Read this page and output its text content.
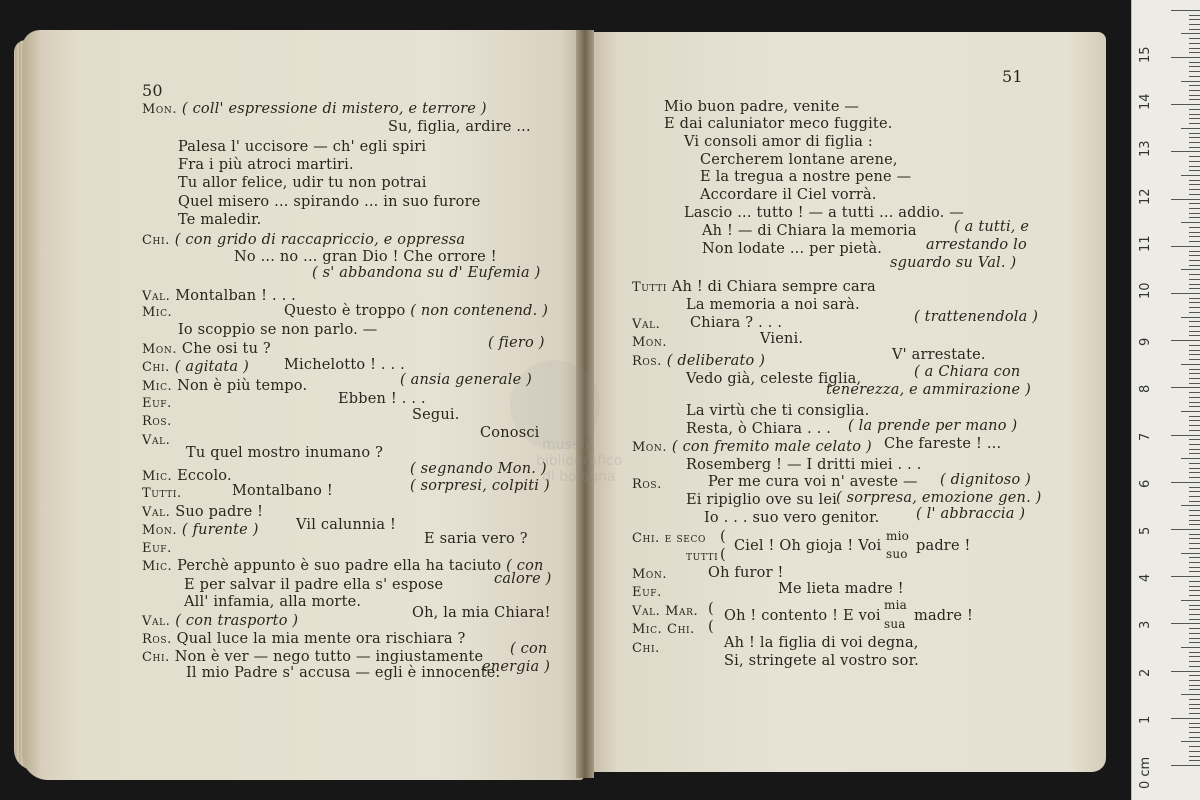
museo
bibliografico
di bologna
50
Mon. ( coll' espressione di mistero, e terrore )
Su, figlia, ardire ...
Palesa l' uccisore — ch' egli spiri
Fra i più atroci martiri.
Tu allor felice, udir tu non potrai
Quel misero ... spirando ... in suo furore
Te maledir.
Chi. ( con grido di raccapriccio, e oppressa
No ... no ... gran Dio ! Che orrore !
( s' abbandona su d' Eufemia )
Val. Montalban ! . . .
Mic.	Questo è troppo ( non contenend. )
Io scoppio se non parlo. —
Mon. Che osi tu ?	( fiero )
Chi. ( agitata ) Michelotto ! . . .
Mic. Non è più tempo.	( ansia generale )
Euf.	Ebben ! . . .
Ros.	Segui.
Val.	Conosci
Tu quel mostro inumano ?
Mic. Eccolo.	( segnando Mon. )
Tutti.	Montalbano !	( sorpresi, colpiti )
Val. Suo padre !
Mon. ( furente )	Vil calunnia !
Euf.
E saria vero ?
Mic. Perchè appunto è suo padre ella ha taciuto ( con
E per salvar il padre ella s' espose	calore )
All' infamia, alla morte.
Val. ( con trasporto )	Oh, la mia Chiara!
Ros. Qual luce la mia mente ora rischiara ?
Chi. Non è ver — nego tutto — ingiustamente ( con
Il mio Padre s' accusa — egli è innocente.
energia )
51
Mio buon padre, venite —
E dai caluniator meco fuggite.
Vi consoli amor di figlia :
Cercherem lontane arene,
E la tregua a nostre pene —
Accordare il Ciel vorrà.
Lascio ... tutto ! — a tutti ... addio. —
Ah ! — di Chiara la memoria	( a tutti, e
Non lodate ... per pietà.	arrestando lo
sguardo su Val. )
Tutti Ah ! di Chiara sempre cara
La memoria a noi sarà.
Val. Chiara ? . . .	( trattenendola )
Mon.	Vieni.
Ros. ( deliberato )	V' arrestate.
Vedo già, celeste figlia,	( a Chiara con
tenerezza, e ammirazione )
La virtù che ti consiglia.
Resta, ò Chiara . . . ( la prende per mano )
Mon. ( con fremito male celato ) Che fareste ! ...
Rosemberg ! — I dritti miei . . .
Ros.	Per me cura voi n' aveste — ( dignitoso )
Ei ripiglio ove su lei ( sorpresa, emozione gen. )
Io . . . suo vero genitor.	( l' abbraccia )
Chi. e seco (
Ciel ! Oh gioja ! Voi
mio
padre !
tutti (	suo
Mon.	Oh furor !
Euf.	Me lieta madre !
Val. Mar. ( Oh ! contento ! E voi
mia
madre !
Mic. Chi. (	sua
Chi.	Ah ! la figlia di voi degna,
Si, stringete al vostro sor.
0 cm
1
2
3
4
5
6
7
8
9
10
11
12
13
14
15
